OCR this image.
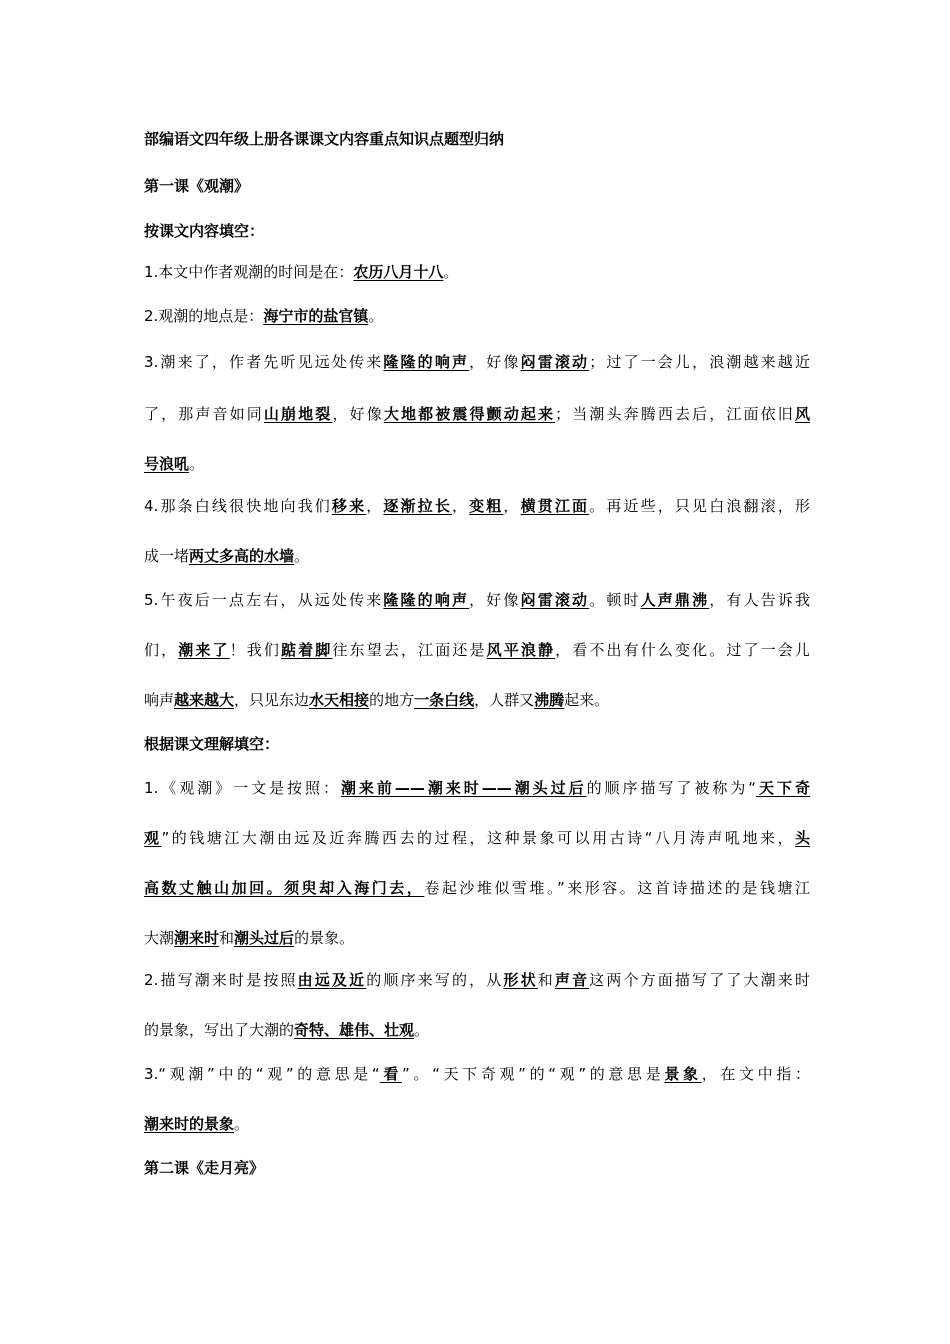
部编语文四年级上册各课课文内容重点知识点题型归纳
第一课《观潮》
按课文内容填空：
1.本文中作者观潮的时间是在：农历八月十八。
2.观潮的地点是：海宁市的盐官镇。
3.潮来了，作者先听见远处传来隆隆的响声，好像闷雷滚动；过了一会儿，浪潮越来越近
了，那声音如同山崩地裂，好像大地都被震得颤动起来；当潮头奔腾西去后，江面依旧风
号浪吼。
4.那条白线很快地向我们移来，逐渐拉长，变粗，横贯江面。再近些，只见白浪翻滚，形
成一堵两丈多高的水墙。
5.午夜后一点左右，从远处传来隆隆的响声，好像闷雷滚动。顿时人声鼎沸，有人告诉我
们，潮来了！我们踮着脚往东望去，江面还是风平浪静，看不出有什么变化。过了一会儿
响声越来越大，只见东边水天相接的地方一条白线，人群又沸腾起来。
根据课文理解填空：
1.《观潮》一文是按照：潮来前——潮来时——潮头过后的顺序描写了被称为“天下奇
观”的钱塘江大潮由远及近奔腾西去的过程，这种景象可以用古诗“八月涛声吼地来，头
高数丈触山加回。须臾却入海门去，卷起沙堆似雪堆。”来形容。这首诗描述的是钱塘江
大潮潮来时和潮头过后的景象。
2.描写潮来时是按照由远及近的顺序来写的，从形状和声音这两个方面描写了了大潮来时
的景象，写出了大潮的奇特、雄伟、壮观。
3.“观潮”中的“观”的意思是“看”。“天下奇观”的“观”的意思是景象，在文中指：
潮来时的景象。
第二课《走月亮》
